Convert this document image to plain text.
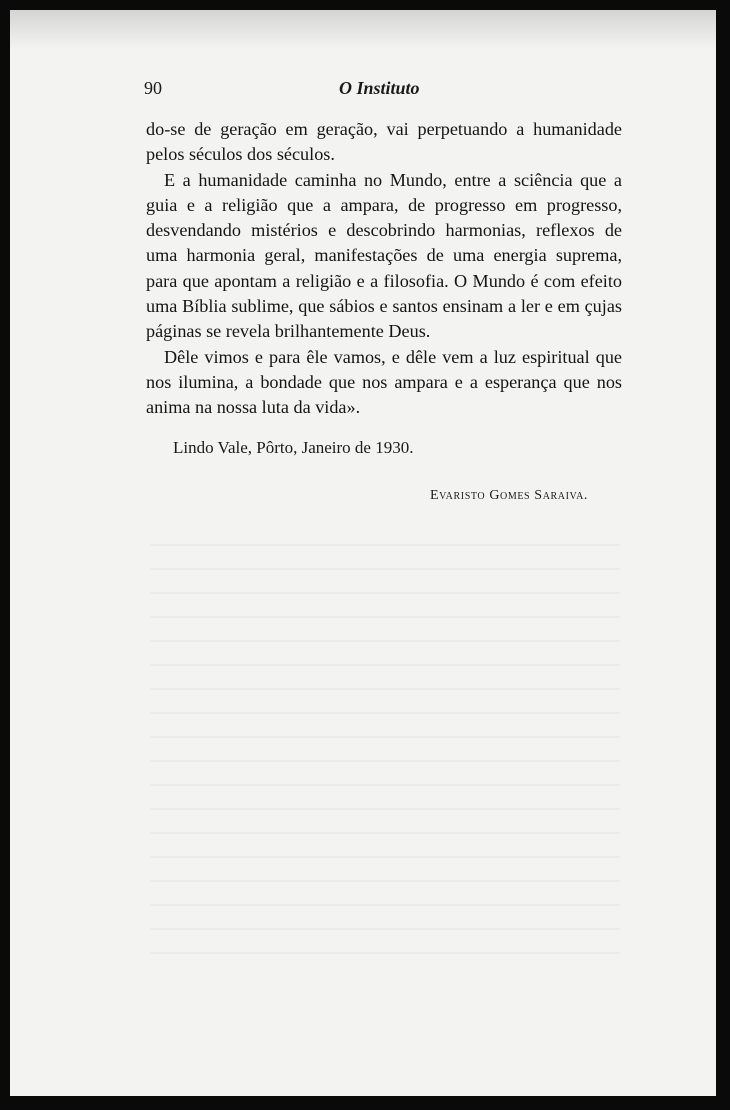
90	O Instituto

do-se de geração em geração, vai perpetuando a humanidade pelos séculos dos séculos.

E a humanidade caminha no Mundo, entre a sciência que a guia e a religião que a ampara, de progresso em progresso, desvendando mistérios e descobrindo harmonias, reflexos de uma harmonia geral, manifestações de uma energia suprema, para que apontam a religião e a filosofia. O Mundo é com efeito uma Bíblia sublime, que sábios e santos ensinam a ler e em çujas páginas se revela brilhantemente Deus.

Dêle vimos e para êle vamos, e dêle vem a luz espiritual que nos ilumina, a bondade que nos ampara e a esperança que nos anima na nossa luta da vida».

Lindo Vale, Pôrto, Janeiro de 1930.
Evaristo Gomes Saraiva.
